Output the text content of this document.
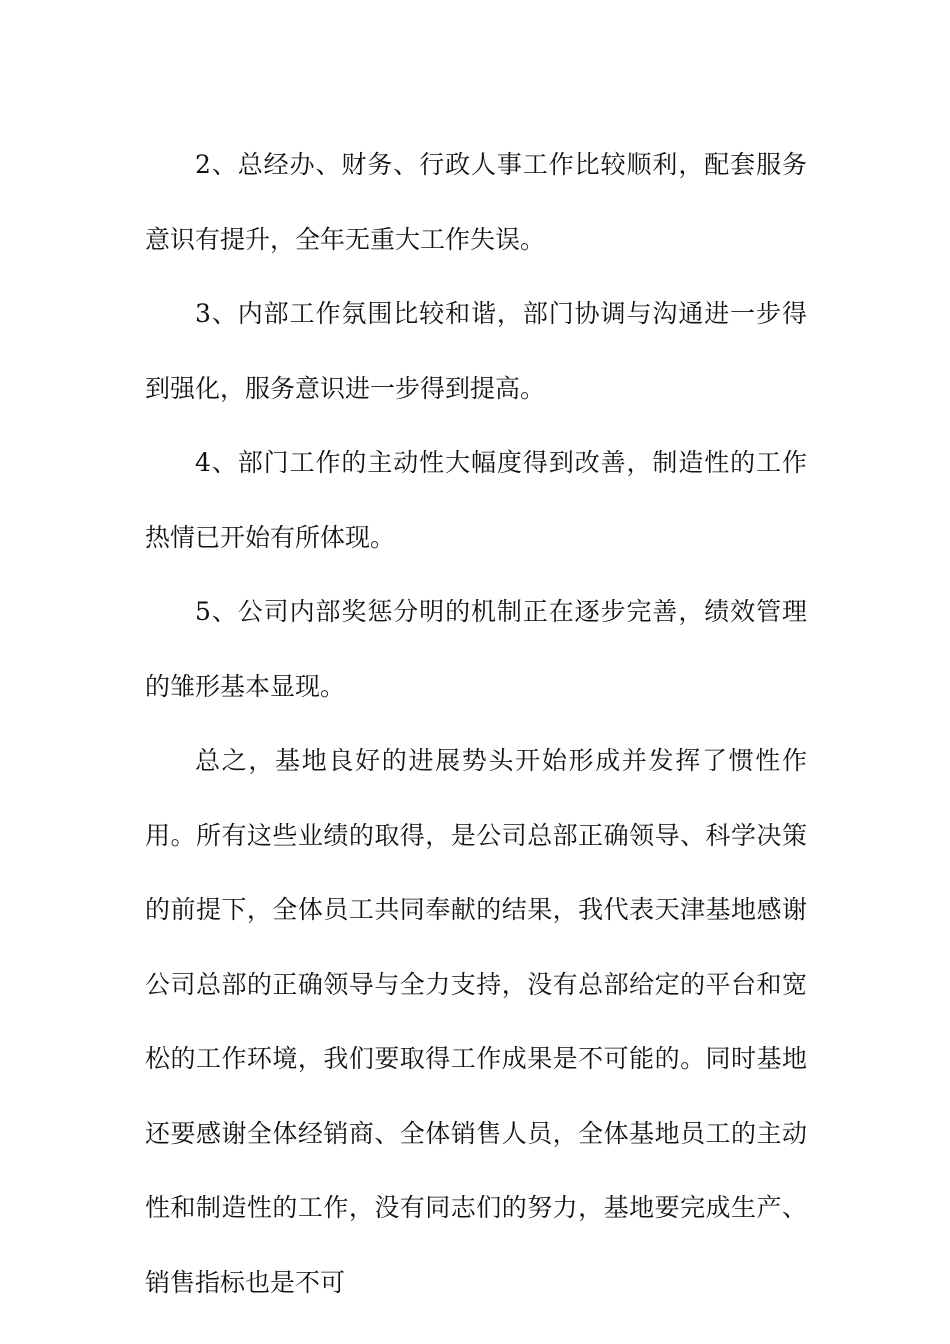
2、总经办、财务、行政人事工作比较顺利，配套服务意识有提升，全年无重大工作失误。

3、内部工作氛围比较和谐，部门协调与沟通进一步得到强化，服务意识进一步得到提高。

4、部门工作的主动性大幅度得到改善，制造性的工作热情已开始有所体现。

5、公司内部奖惩分明的机制正在逐步完善，绩效管理的雏形基本显现。

总之，基地良好的进展势头开始形成并发挥了惯性作用。所有这些业绩的取得，是公司总部正确领导、科学决策的前提下，全体员工共同奉献的结果，我代表天津基地感谢公司总部的正确领导与全力支持，没有总部给定的平台和宽松的工作环境，我们要取得工作成果是不可能的。同时基地还要感谢全体经销商、全体销售人员，全体基地员工的主动性和制造性的工作，没有同志们的努力，基地要完成生产、销售指标也是不可
